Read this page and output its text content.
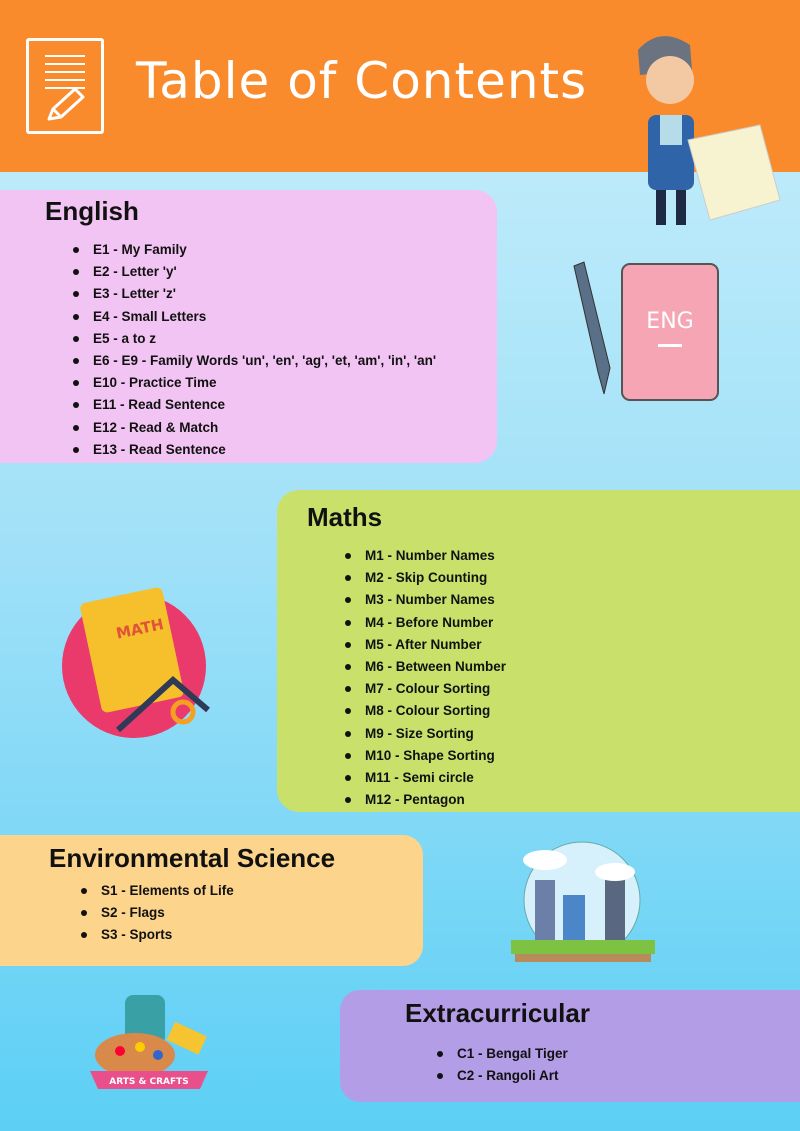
Table of Contents
English
E1 - My Family
E2 - Letter 'y'
E3 - Letter 'z'
E4 - Small Letters
E5 - a to z
E6 - E9 - Family Words 'un', 'en', 'ag', 'et, 'am', 'in', 'an'
E10 - Practice Time
E11 - Read Sentence
E12 - Read & Match
E13 - Read Sentence
ENG
Maths
M1 - Number Names
M2 - Skip Counting
M3 - Number Names
M4 - Before Number
M5 - After Number
M6 - Between Number
M7 - Colour Sorting
M8 - Colour Sorting
M9 - Size Sorting
M10 - Shape Sorting
M11 - Semi circle
M12 - Pentagon
MATH
Environmental Science
S1 - Elements of Life
S2 - Flags
S3 - Sports
ARTS & CRAFTS
Extracurricular
C1 - Bengal Tiger
C2 - Rangoli Art
